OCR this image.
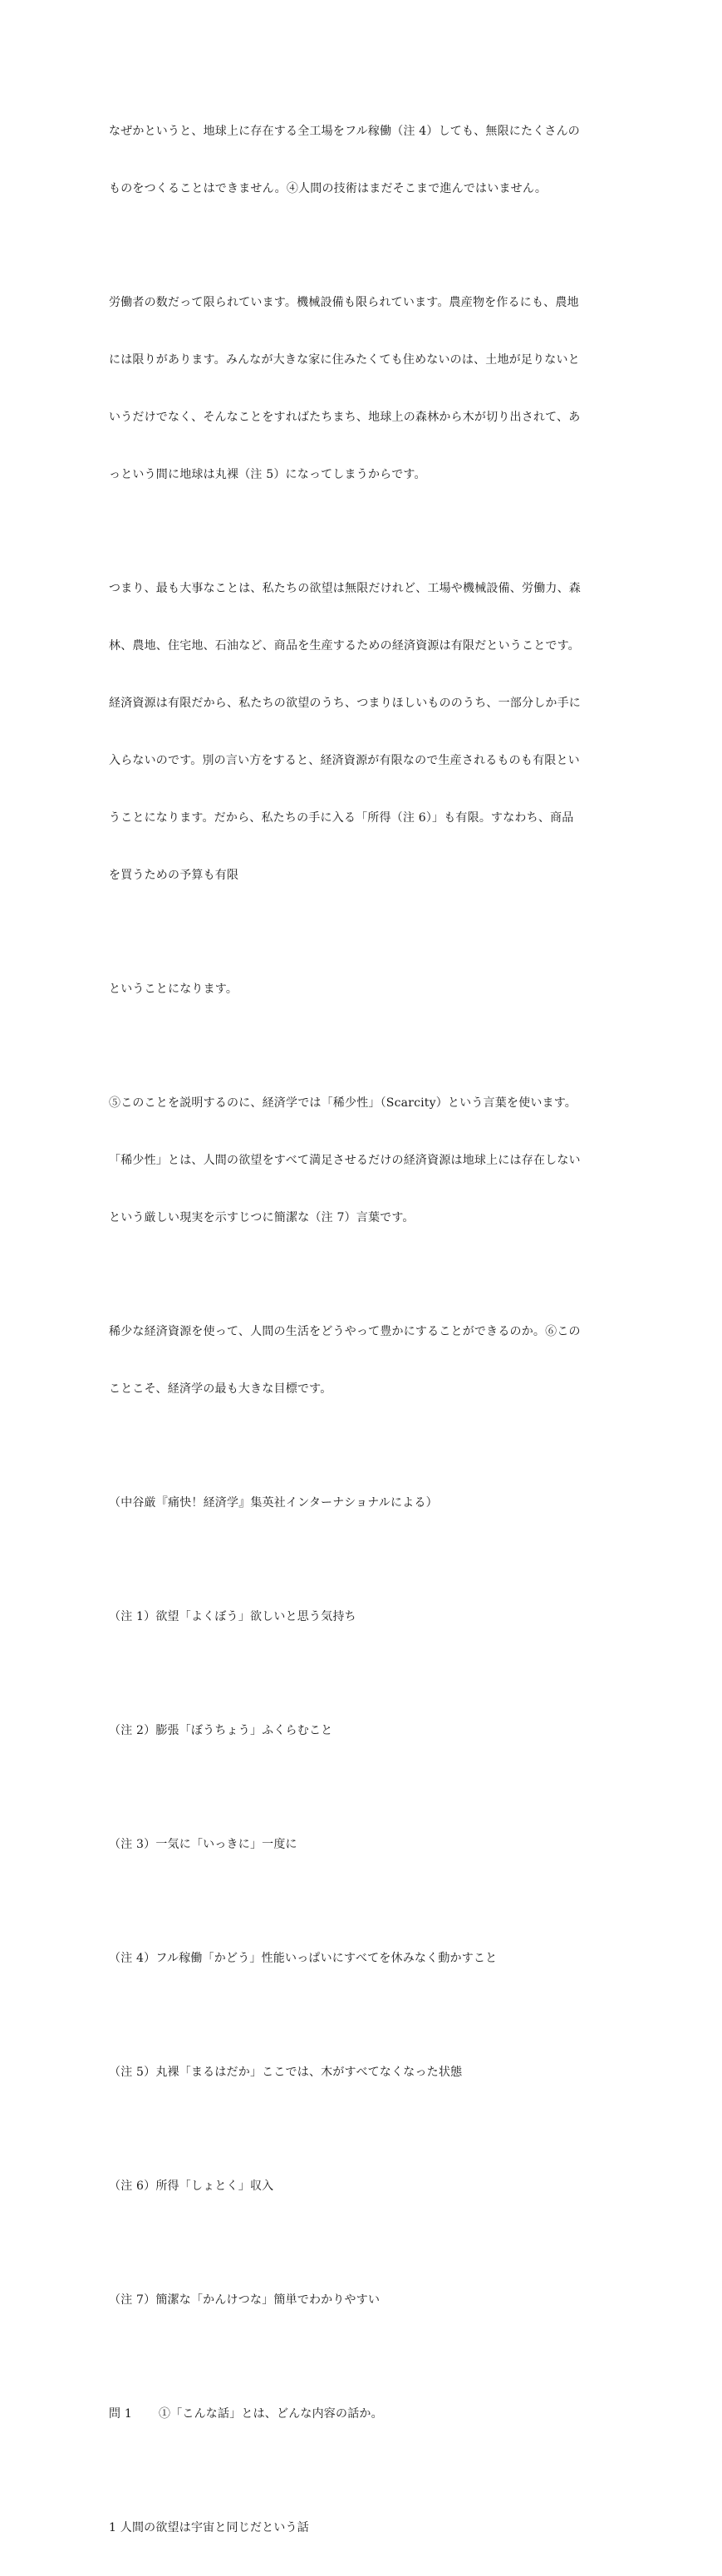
なぜかというと、地球上に存在する全工場をフル稼働（注 4）しても、無限にたくさんの

ものをつくることはできません。④人間の技術はまだそこまで進んではいません。

労働者の数だって限られています。機械設備も限られています。農産物を作るにも、農地

には限りがあります。みんなが大きな家に住みたくても住めないのは、土地が足りないと

いうだけでなく、そんなことをすればたちまち、地球上の森林から木が切り出されて、あ

っという間に地球は丸裸（注 5）になってしまうからです。

つまり、最も大事なことは、私たちの欲望は無限だけれど、工場や機械設備、労働力、森

林、農地、住宅地、石油など、商品を生産するための経済資源は有限だということです。

経済資源は有限だから、私たちの欲望のうち、つまりほしいもののうち、一部分しか手に

入らないのです。別の言い方をすると、経済資源が有限なので生産されるものも有限とい

うことになります。だから、私たちの手に入る「所得（注 6）」も有限。すなわち、商品

を買うための予算も有限

ということになります。

⑤このことを説明するのに、経済学では「稀少性」（Scarcity）という言葉を使います。

「稀少性」とは、人間の欲望をすべて満足させるだけの経済資源は地球上には存在しない

という厳しい現実を示すじつに簡潔な（注 7）言葉です。

稀少な経済資源を使って、人間の生活をどうやって豊かにすることができるのか。⑥この

ことこそ、経済学の最も大きな目標です。

（中谷厳『痛快！経済学』集英社インターナショナルによる）

（注 1）欲望「よくぼう」欲しいと思う気持ち

（注 2）膨張「ぼうちょう」ふくらむこと

（注 3）一気に「いっきに」一度に

（注 4）フル稼働「かどう」性能いっぱいにすべてを休みなく動かすこと

（注 5）丸裸「まるはだか」ここでは、木がすべてなくなった状態

（注 6）所得「しょとく」収入

（注 7）簡潔な「かんけつな」簡単でわかりやすい

問 1 ①「こんな話」とは、どんな内容の話か。

1 人間の欲望は宇宙と同じだという話
